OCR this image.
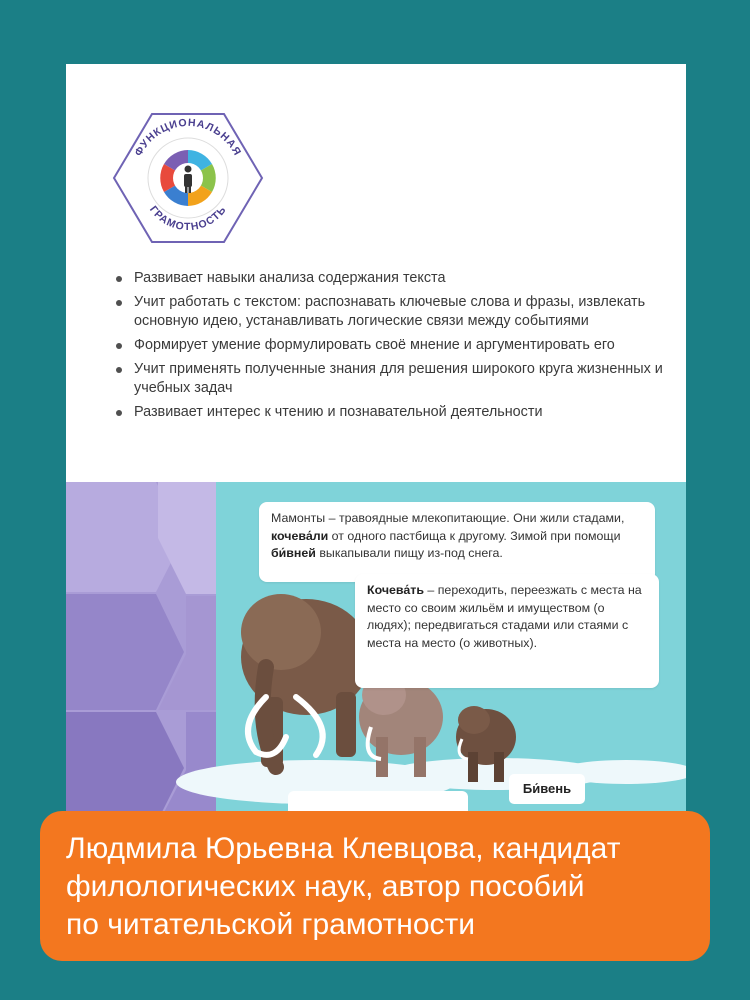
ФУНКЦИОНАЛЬНАЯ
ГРАМОТНОСТЬ
Развивает навыки анализа содержания текста
Учит работать с текстом: распознавать ключевые слова и фразы, извлекать основную идею, устанавливать логические связи между событиями
Формирует умение формулировать своё мнение и аргументировать его
Учит применять полученные знания для решения широкого круга жизненных и учебных задач
Развивает интерес к чтению и познавательной деятельности
Мамонты – травоядные млекопитающие. Они жили стадами,
кочева́ли от одного пастбища к другому. Зимой при помощи
би́вней выкапывали пищу из-под снега.
Кочева́ть – переходить, переезжать с места на место со своим жильём и имуществом (о людях); передвигаться стадами или стаями с места на место (о животных).
Би́вень
Людмила Юрьевна Клевцова, кандидат
филологических наук, автор пособий
по читательской грамотности
